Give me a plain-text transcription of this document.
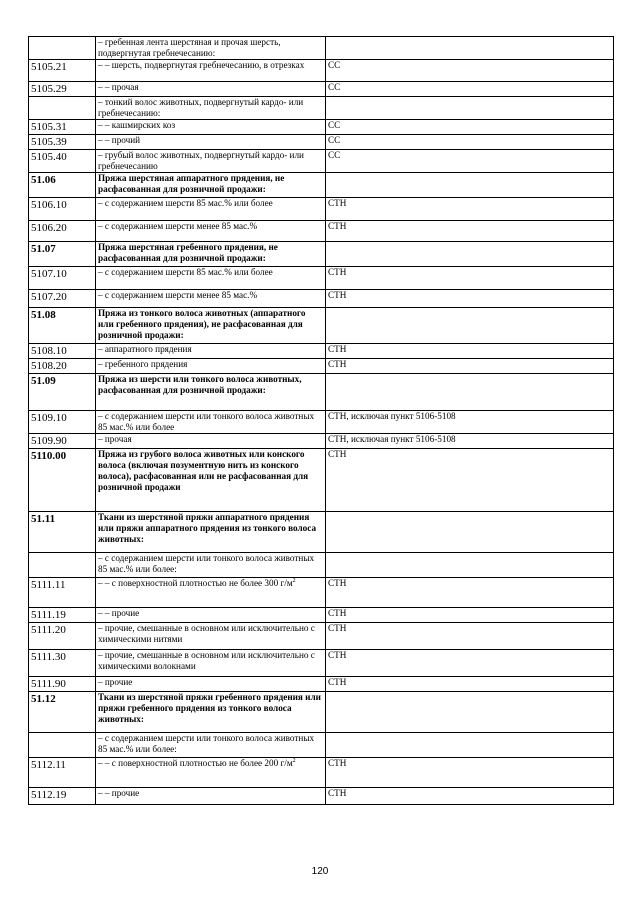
	– гребенная лента шерстяная и прочая шерсть, подвергнутая гребнечесанию:	
5105.21	– – шерсть, подвергнутая гребнечесанию, в отрезках	СС
5105.29	– – прочая	СС
	– тонкий волос животных, подвергнутый кардо- или гребнечесанию:	
5105.31	– – кашмирских коз	СС
5105.39	– – прочий	СС
5105.40	– грубый волос животных, подвергнутый кардо- или гребнечесанию	СС
51.06	Пряжа шерстяная аппаратного прядения, не расфасованная для розничной продажи:	
5106.10	– с содержанием шерсти 85 мас.% или более	СТН
5106.20	– с содержанием шерсти менее 85 мас.%	СТН
51.07	Пряжа шерстяная гребенного прядения, не расфасованная для розничной продажи:	
5107.10	– с содержанием шерсти 85 мас.% или более	СТН
5107.20	– с содержанием шерсти менее 85 мас.%	СТН
51.08	Пряжа из тонкого волоса животных (аппаратного или гребенного прядения), не расфасованная для розничной продажи:	
5108.10	– аппаратного прядения	СТН
5108.20	– гребенного прядения	СТН
51.09	Пряжа из шерсти или тонкого волоса животных, расфасованная для розничной продажи:	
5109.10	– с содержанием шерсти или тонкого волоса животных 85 мас.% или более	СТН, исключая пункт 5106-5108
5109.90	– прочая	СТН, исключая пункт 5106-5108
5110.00	Пряжа из грубого волоса животных или конского волоса (включая позументную нить из конского волоса), расфасованная или не расфасованная для розничной продажи	СТН
51.11	Ткани из шерстяной пряжи аппаратного прядения или пряжи аппаратного прядения из тонкого волоса животных:	
	– с содержанием шерсти или тонкого волоса животных 85 мас.% или более:	
5111.11	– – с поверхностной плотностью не более 300 $г/м^2$	СТН
5111.19	– – прочие	СТН
5111.20	– прочие, смешанные в основном или исключительно с химическими нитями	СТН
5111.30	– прочие, смешанные в основном или исключительно с химическими волокнами	СТН
5111.90	– прочие	СТН
51.12	Ткани из шерстяной пряжи гребенного прядения или пряжи гребенного прядения из тонкого волоса животных:	
	– с содержанием шерсти или тонкого волоса животных 85 мас.% или более:	
5112.11	– – с поверхностной плотностью не более 200 $г/м^2$	СТН
5112.19	– – прочие	СТН
120
